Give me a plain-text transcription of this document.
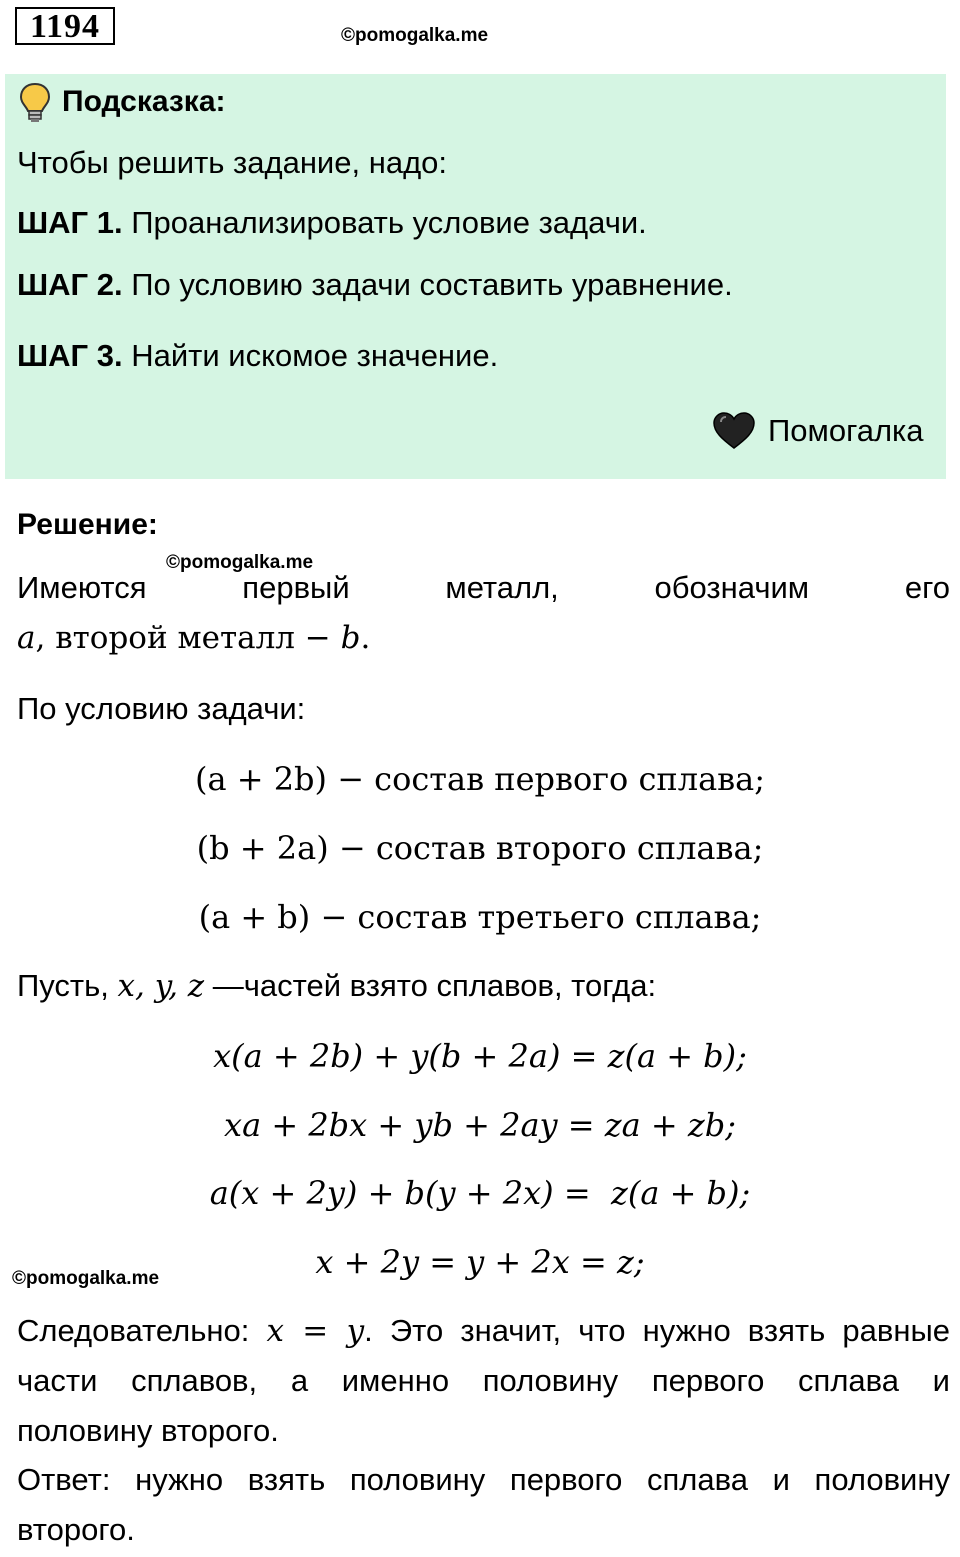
1194	©pomogalka.me
Подсказка:
Чтобы решить задание, надо:
ШАГ 1. Проанализировать условие задачи.
ШАГ 2. По условию задачи составить уравнение.
ШАГ 3. Найти искомое значение.
Помогалка
Решение:
©pomogalka.me
Имеются	первый	металл,	обозначим	его
a, второй металл − b.
По условию задачи:
(a + 2b) − состав первого сплава;
(b + 2a) − состав второго сплава;
(a + b) − состав третьего сплава;
Пусть, x, y, z —частей взято сплавов, тогда:
x(a + 2b) + y(b + 2a) = z(a + b);
xa + 2bx + yb + 2ay = za + zb;
a(x + 2y) + b(y + 2x) =  z(a + b);
x + 2y = y + 2x = z;
©pomogalka.me
Следовательно: x = y. Это значит, что нужно взять равные
части сплавов, а именно половину первого сплава и
половину второго.
Ответ: нужно взять половину первого сплава и половину
второго.
